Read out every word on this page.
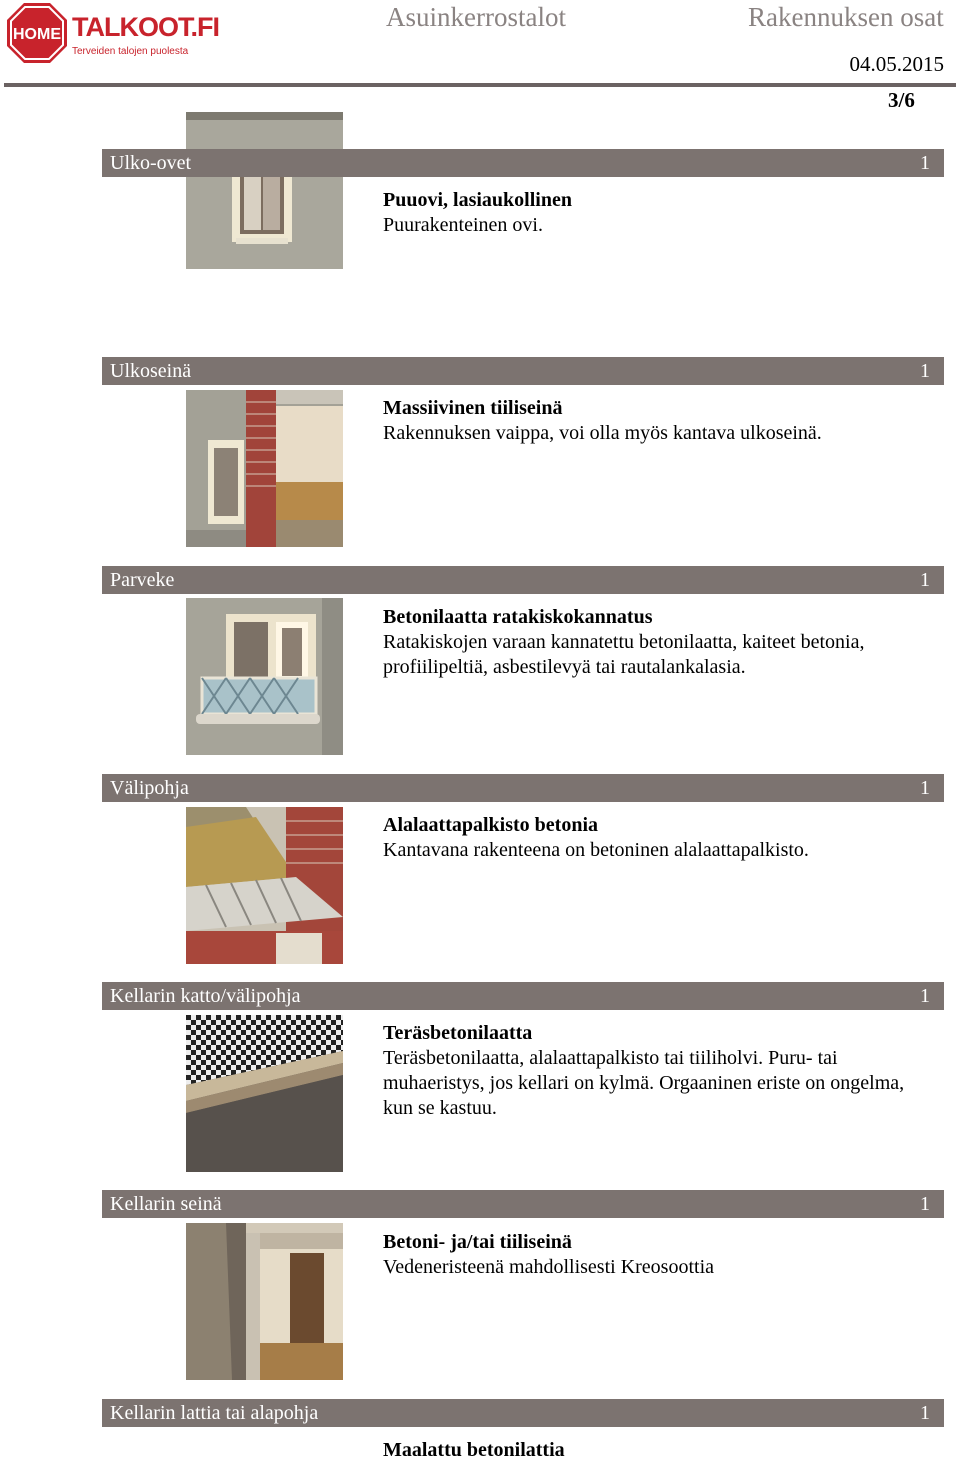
HOME TALKOOT.FI
Terveiden talojen puolesta
Asuinkerrostalot	Rakennuksen osat
04.05.2015
3/6
Ulko-ovet	1
Puuovi, lasiaukollinen
Puurakenteinen ovi.
Ulkoseinä	1
Massiivinen tiiliseinä
Rakennuksen vaippa, voi olla myös kantava ulkoseinä.
Parveke	1
Betonilaatta ratakiskokannatus
Ratakiskojen varaan kannatettu betonilaatta, kaiteet betonia, profiilipeltiä, asbestilevyä tai rautalankalasia.
Välipohja	1
Alalaattapalkisto betonia
Kantavana rakenteena on betoninen alalaattapalkisto.
Kellarin katto/välipohja	1
Teräsbetonilaatta
Teräsbetonilaatta, alalaattapalkisto tai tiiliholvi. Puru- tai muhaeristys, jos kellari on kylmä. Orgaaninen eriste on ongelma, kun se kastuu.
Kellarin seinä	1
Betoni- ja/tai tiiliseinä
Vedeneristeenä mahdollisesti Kreosoottia
Kellarin lattia tai alapohja	1
Maalattu betonilattia
